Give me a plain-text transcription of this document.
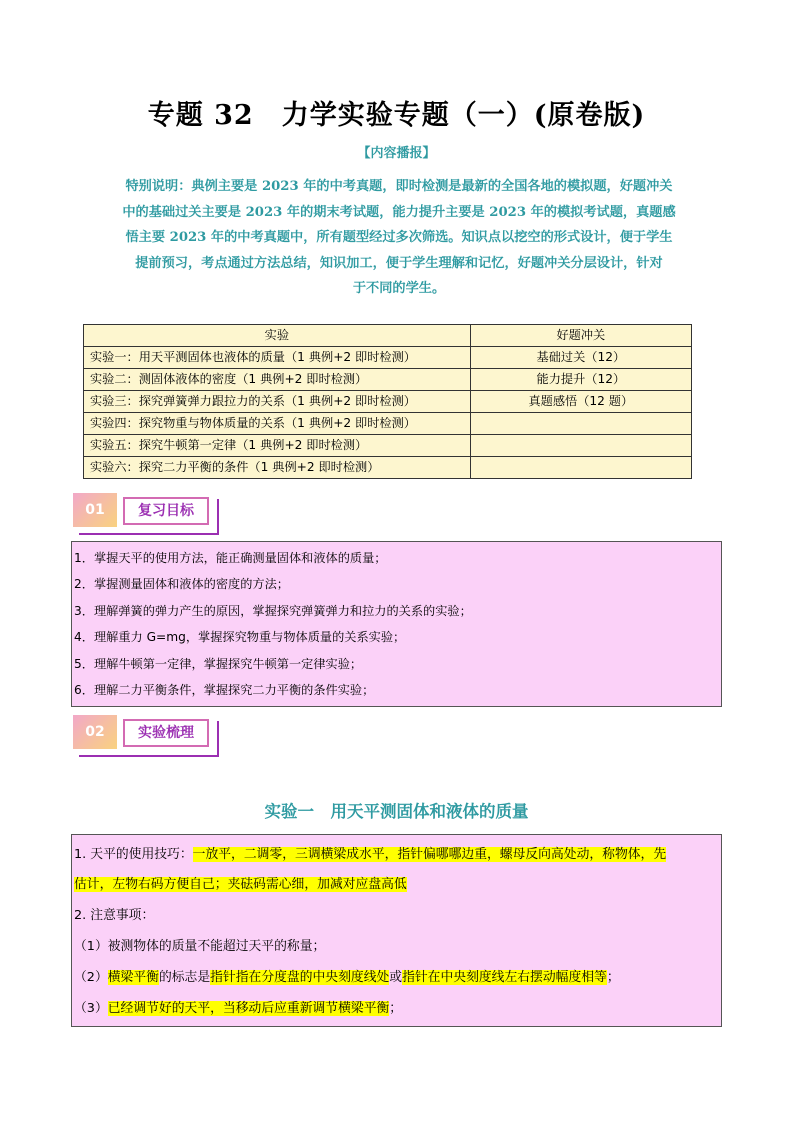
专题 32　力学实验专题（一）(原卷版)
【内容播报】
特别说明：典例主要是 2023 年的中考真题，即时检测是最新的全国各地的模拟题，好题冲关
中的基础过关主要是 2023 年的期末考试题，能力提升主要是 2023 年的模拟考试题，真题感
悟主要 2023 年的中考真题中，所有题型经过多次筛选。知识点以挖空的形式设计，便于学生
提前预习，考点通过方法总结，知识加工，便于学生理解和记忆，好题冲关分层设计，针对
于不同的学生。
实验	好题冲关
实验一：用天平测固体也液体的质量（1 典例+2 即时检测）	基础过关（12）
实验二：测固体液体的密度（1 典例+2 即时检测）	能力提升（12）
实验三：探究弹簧弹力跟拉力的关系（1 典例+2 即时检测）	真题感悟（12 题）
实验四：探究物重与物体质量的关系（1 典例+2 即时检测）	
实验五：探究牛顿第一定律（1 典例+2 即时检测）	
实验六：探究二力平衡的条件（1 典例+2 即时检测）	
01	复习目标
1．掌握天平的使用方法，能正确测量固体和液体的质量；
2．掌握测量固体和液体的密度的方法；
3．理解弹簧的弹力产生的原因，掌握探究弹簧弹力和拉力的关系的实验；
4．理解重力 G=mg，掌握探究物重与物体质量的关系实验；
5．理解牛顿第一定律，掌握探究牛顿第一定律实验；
6．理解二力平衡条件，掌握探究二力平衡的条件实验；
02	实验梳理
实验一　用天平测固体和液体的质量
1. 天平的使用技巧：一放平，二调零，三调横梁成水平，指针偏哪哪边重，螺母反向高处动，称物体，先
估计，左物右码方便自己；夹砝码需心细，加减对应盘高低
2. 注意事项：
（1）被测物体的质量不能超过天平的称量；
（2）横梁平衡的标志是指针指在分度盘的中央刻度线处或指针在中央刻度线左右摆动幅度相等；
（3）已经调节好的天平，当移动后应重新调节横梁平衡；
